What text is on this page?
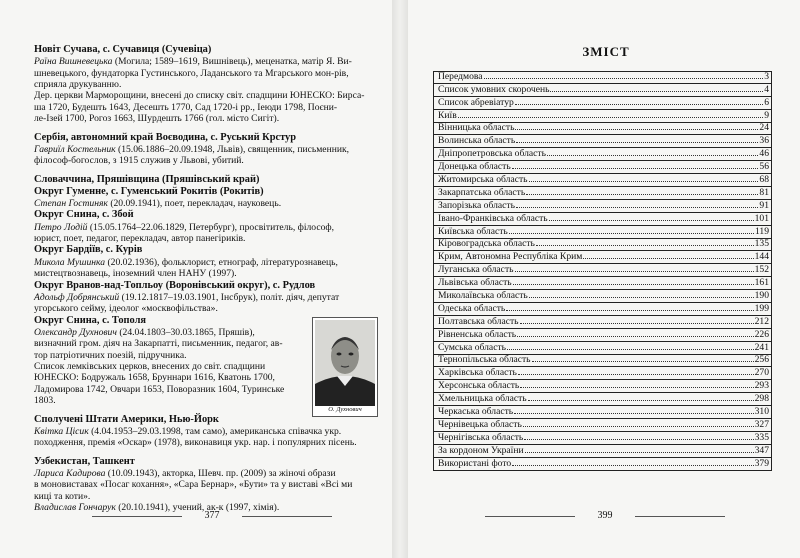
Новіт Сучава, с. Сучавиця (Сучевіца)
Раїна Вишневецька (Могила; 1589–1619, Вишнівець), меценатка, матір Я. Ви-
шневецького, фундаторка Густинського, Ладанського та Мгарського мон-рів,
сприяла друкуванню.
Дер. церкви Марморощини, внесені до списку світ. спадщини ЮНЕСКО: Бирса-
ша 1720, Будешть 1643, Десешть 1770, Сад 1720-і рр., Іеюди 1798, Поєни-
ле-Ізей 1700, Рогоз 1663, Шурдешть 1766 (гол. місто Сигіт).
Сербія, автономний край Воєводина, с. Руський Крстур
Гавриїл Костельник (15.06.1886–20.09.1948, Львів), священник, письменник,
філософ-богослов, з 1915 служив у Львові, убитий.
Словаччина, Пряшівщина (Пряшівський край)
Округ Гуменне, с. Гуменський Рокитів (Рокитів)
Степан Гостиняк (20.09.1941), поет, перекладач, науковець.
Округ Снина, с. Збой
Петро Лодій (15.05.1764–22.06.1829, Петербург), просвітитель, філософ,
юрист, поет, педагог, перекладач, автор панегіриків.
Округ Бардіїв, с. Курів
Микола Мушинка (20.02.1936), фольклорист, етнограф, літературознавець,
мистецтвознавець, іноземний член НАНУ (1997).
Округ Вранов-над-Топльоу (Воронівський округ), с. Рудлов
Адольф Добрянський (19.12.1817–19.03.1901, Інсбрук), політ. діяч, депутат
угорського сейму, ідеолог «москвофільства».
О. Духнович
Округ Снина, с. Тополя
Олександр Духнович (24.04.1803–30.03.1865, Пряшів),
визначний гром. діяч на Закарпатті, письменник, педагог, ав-
тор патріотичних поезій, підручника.
Список лемківських церков, внесених до світ. спадщини
ЮНЕСКО: Бодружаль 1658, Бруннари 1616, Кватонь 1700,
Ладомирова 1742, Овчари 1653, Поворазник 1604, Туринське
1803.
Сполучені Штати Америки, Нью-Йорк
Квітка Цісик (4.04.1953–29.03.1998, там само), американська співачка укр.
походження, премія «Оскар» (1978), виконавиця укр. нар. і популярних пісень.
Узбекистан, Ташкент
Лариса Кадирова (10.09.1943), акторка, Шевч. пр. (2009) за жіночі образи
в моновиставах «Посаг кохання», «Сара Бернар», «Бути» та у виставі «Всі ми
киці та коти».
Владислав Гончарук (20.10.1941), учений, ак-к (1997, хімія).
377
ЗМІСТ
Передмова	3
Список умовних скорочень	4
Список абревіатур	6
Київ	9
Вінницька область	24
Волинська область	36
Дніпропетровська область	46
Донецька область	56
Житомирська область	68
Закарпатська область	81
Запорізька область	91
Івано-Франківська область	101
Київська область	119
Кіровоградська область	135
Крим, Автономна Республіка Крим	144
Луганська область	152
Львівська область	161
Миколаївська область	190
Одеська область	199
Полтавська область	212
Рівненська область	226
Сумська область	241
Тернопільська область	256
Харківська область	270
Херсонська область	293
Хмельницька область	298
Черкаська область	310
Чернівецька область	327
Чернігівська область	335
За кордоном України	347
Використані фото	379
399
